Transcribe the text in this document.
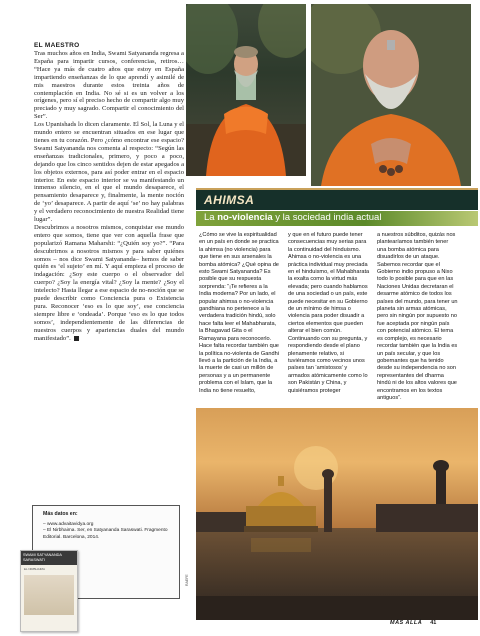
EL MAESTRO

Tras muchos años en India, Swami Satyananda regresa a España para impartir cursos, conferencias, retiros… “Hace ya más de cuatro años que estoy en España impartiendo enseñanzas de lo que aprendí y asimilé de mis maestros durante estos treinta años de contemplación en India. No sé si es un volver a los orígenes, pero sí el preciso hecho de compartir algo muy preciado y muy sagrado. Compartir el conocimiento del Ser”.

Los Upanishads lo dicen claramente. El Sol, la Luna y el mundo entero se encuentran situados en ese lugar que tienes en tu corazón. Pero ¿cómo encontrar ese espacio? Swami Satyananda nos comenta al respecto: “Según las enseñanzas tradicionales, primero, y poco a poco, dejando que los cinco sentidos dejen de estar apegados a los objetos externos, para así poder entrar en el espacio interior. En este espacio interior se va manifestando un inmenso silencio, en el que el mundo desaparece, el pensamiento desaparece y, finalmente, la mente noción de ‘yo’ desaparece. A partir de aquí ‘se’ no hay palabras y el verdadero reconocimiento de nuestra Realidad tiene lugar”.

Descubrimos a nosotros mismos, conquistar ese mundo entero que somos, tiene que ver con aquella frase que popularizó Ramana Maharshi: “¿Quién soy yo?”. “Para descubrirnos a nosotros mismos y para saber quiénes somos – nos dice Swami Satyananda– hemos de saber quién es ‘el sujeto’ en mí. Y aquí empieza el proceso de indagación: ¿Soy este cuerpo o el observador del cuerpo? ¿Soy la energía vital? ¿Soy la mente? ¿Soy el intelecto? Hasta llegar a ese espacio de no-noción que se puede describir como Conciencia pura o Existencia pura. Reconocer ‘eso es lo que soy’, ese conciencia siempre libre e ‘ondeada’. Porque ‘eso es lo que todos somos’, independientemente de las diferencias de nuestros cuerpos y apariencias duales del mundo manifestado”.

Más datos en:
– www.advaitavidya.org
– El Nirbhaima. Ser, en Satyananda Saraswati. Fragmento Editorial. Barcelona, 2014.
SWAMI SATYANANDA SARASWATI
EL NIRBHAIMA
AHIMSA
La no-violencia y la sociedad india actual
¿Cómo se vive la espiritualidad en un país en donde se practica la ahimsa (no violencia) para que tiene en sus arsenales la bomba atómica? ¿Qué opina de esto Swami Satyananda? Es posible que su respuesta sorprenda: “¡Te refieres a la India moderna? Por un lado, el popular ahimsa o no-violencia gandhiana no pertenece a la verdadera tradición hindú, solo hace falta leer el Mahabharata, la Bhagavad Gita o el Ramayana para reconocerlo. Hace falta recordar también que la política no-violenta de Gandhi llevó a la partición de la India, a la muerte de casi un millón de personas y a un permanente problema con el Islam, que la India no tiene resuelto,
y que en el futuro puede tener consecuencias muy serias para la continuidad del hinduismo. Ahimsa o no-violencia es una práctica individual muy preciada en el hinduismo, el Mahabharata la exalta como la virtud más elevada; pero cuando hablamos de una sociedad o un país, este puede necesitar en su Gobierno de un mínimo de himsa o violencia para poder disuadir a ciertos elementos que pueden alterar el bien común. Continuando con su pregunta, y respondiendo desde el plano plenamente relativo, si tuviéramos como vecinos unos países tan ‘amistosos’ y armados atómicamente como lo son Pakistán y China, y quisiéramos proteger
a nuestros súbditos, quizás nos plantearíamos también tener una bomba atómica para disuadirlos de un ataque. Sabemos recordar que el Gobierno indio propuso a Nixo todo lo posible para que en las Naciones Unidas decretaran el desarme atómico de todos los países del mundo, para tener un planeta sin armas atómicas, pero sin ningún por supuesto no fue aceptada por ningún país con potencial atómico. El tema es complejo, es necesario recordar también que la India es un país secular, y que los gobernantes que ha tenido desde su independencia no son representantes del dharma hindú ni de los altos valores que encontramos en los textos antiguos”.
RAEFE
MÁS ALLÁ 41
